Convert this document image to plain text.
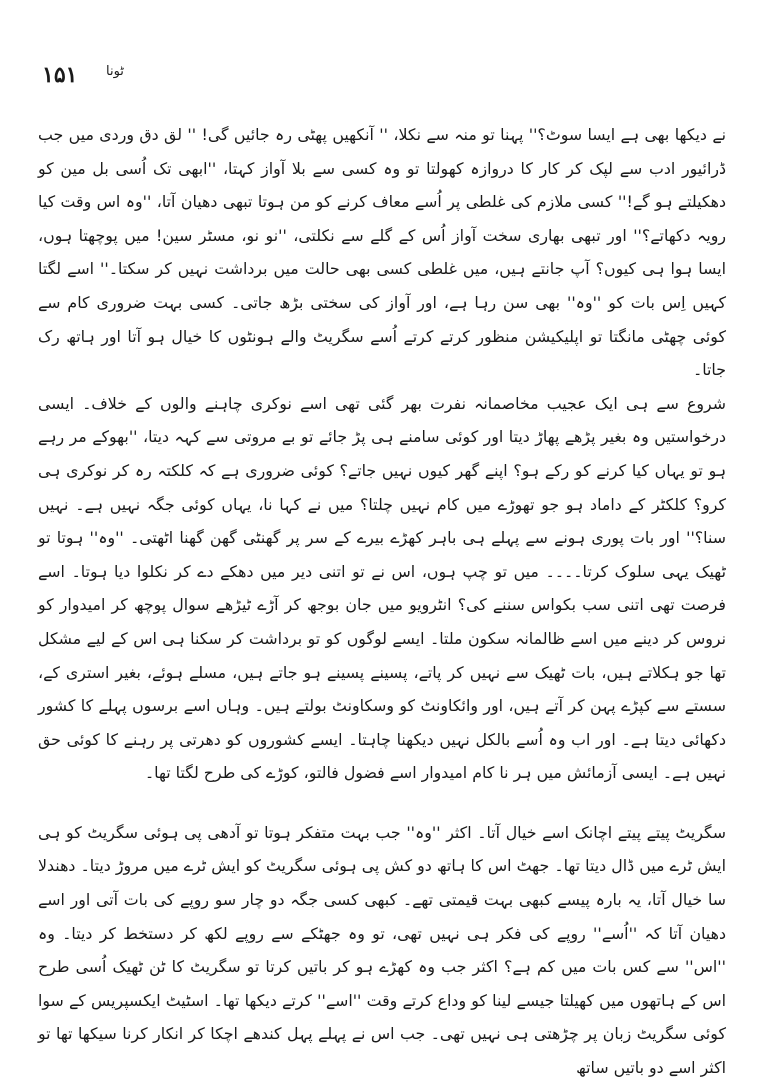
۱۵۱ ٹونا

نے دیکھا بھی ہے ایسا سوٹ؟'' پہنا تو منہ سے نکلا، '' آنکھیں پھٹی رہ جائیں گی! '' لق دق وردی میں جب ڈرائیور ادب سے لپک کر کار کا دروازہ کھولتا تو وہ کسی سے بلا آواز کہتا، ''ابھی تک اُسی بل مین کو دھکیلتے ہو گے!'' کسی ملازم کی غلطی پر اُسے معاف کرنے کو من ہوتا تبھی دھیان آتا، ''وہ اس وقت کیا رویہ دکھاتے؟'' اور تبھی بھاری سخت آواز اُس کے گلے سے نکلتی، ''نو نو، مسٹر سین! میں پوچھتا ہوں، ایسا ہوا ہی کیوں؟ آپ جانتے ہیں، میں غلطی کسی بھی حالت میں برداشت نہیں کر سکتا۔'' اسے لگتا کہیں اِس بات کو ''وہ'' بھی سن رہا ہے، اور آواز کی سختی بڑھ جاتی۔ کسی بہت ضروری کام سے کوئی چھٹی مانگتا تو اپلیکیشن منظور کرتے کرتے اُسے سگریٹ والے ہونٹوں کا خیال ہو آتا اور ہاتھ رک جاتا۔

شروع سے ہی ایک عجیب مخاصمانہ نفرت بھر گئی تھی اسے نوکری چاہنے والوں کے خلاف۔ ایسی درخواستیں وہ بغیر پڑھے پھاڑ دیتا اور کوئی سامنے ہی پڑ جائے تو بے مروتی سے کہہ دیتا، ''بھوکے مر رہے ہو تو یہاں کیا کرنے کو رکے ہو؟ اپنے گھر کیوں نہیں جاتے؟ کوئی ضروری ہے کہ کلکتہ رہ کر نوکری ہی کرو؟ کلکٹر کے داماد ہو جو تھوڑے میں کام نہیں چلتا؟ میں نے کہا نا، یہاں کوئی جگہ نہیں ہے۔ نہیں سنا؟'' اور بات پوری ہونے سے پہلے ہی باہر کھڑے بیرے کے سر پر گھنٹی گھن گھنا اٹھتی۔ ''وہ'' ہوتا تو ٹھیک یہی سلوک کرتا۔۔۔۔ میں تو چپ ہوں، اس نے تو اتنی دیر میں دھکے دے کر نکلوا دیا ہوتا۔ اسے فرصت تھی اتنی سب بکواس سننے کی؟ انٹرویو میں جان بوجھ کر آڑے ٹیڑھے سوال پوچھ کر امیدوار کو نروس کر دینے میں اسے ظالمانہ سکون ملتا۔ ایسے لوگوں کو تو برداشت کر سکنا ہی اس کے لیے مشکل تھا جو ہکلاتے ہیں، بات ٹھیک سے نہیں کر پاتے، پسینے پسینے ہو جاتے ہیں، مسلے ہوئے، بغیر استری کے، سستے سے کپڑے پہن کر آتے ہیں، اور وائکاونٹ کو وسکاونٹ بولتے ہیں۔ وہاں اسے برسوں پہلے کا کشور دکھائی دیتا ہے۔ اور اب وہ اُسے بالکل نہیں دیکھنا چاہتا۔ ایسے کشوروں کو دھرتی پر رہنے کا کوئی حق نہیں ہے۔ ایسی آزمائش میں ہر نا کام امیدوار اسے فضول فالتو، کوڑے کی طرح لگتا تھا۔

سگریٹ پیتے پیتے اچانک اسے خیال آتا۔ اکثر ''وہ'' جب بہت متفکر ہوتا تو آدھی پی ہوئی سگریٹ کو ہی ایش ٹرے میں ڈال دیتا تھا۔ جھٹ اس کا ہاتھ دو کش پی ہوئی سگریٹ کو ایش ٹرے میں مروڑ دیتا۔ دھندلا سا خیال آتا، یہ بارہ پیسے کبھی بہت قیمتی تھے۔ کبھی کسی جگہ دو چار سو روپے کی بات آتی اور اسے دھیان آتا کہ ''اُسے'' روپے کی فکر ہی نہیں تھی، تو وہ جھٹکے سے روپے لکھ کر دستخط کر دیتا۔ وہ ''اس'' سے کس بات میں کم ہے؟ اکثر جب وہ کھڑے ہو کر باتیں کرتا تو سگریٹ کا ٹن ٹھیک اُسی طرح اس کے ہاتھوں میں کھیلتا جیسے لینا کو وداع کرتے وقت ''اسے'' کرتے دیکھا تھا۔ اسٹیٹ ایکسپریس کے سوا کوئی سگریٹ زبان پر چڑھتی ہی نہیں تھی۔ جب اس نے پہلے پہل کندھے اچکا کر انکار کرنا سیکھا تھا تو اکثر اسے دو باتیں ساتھ
